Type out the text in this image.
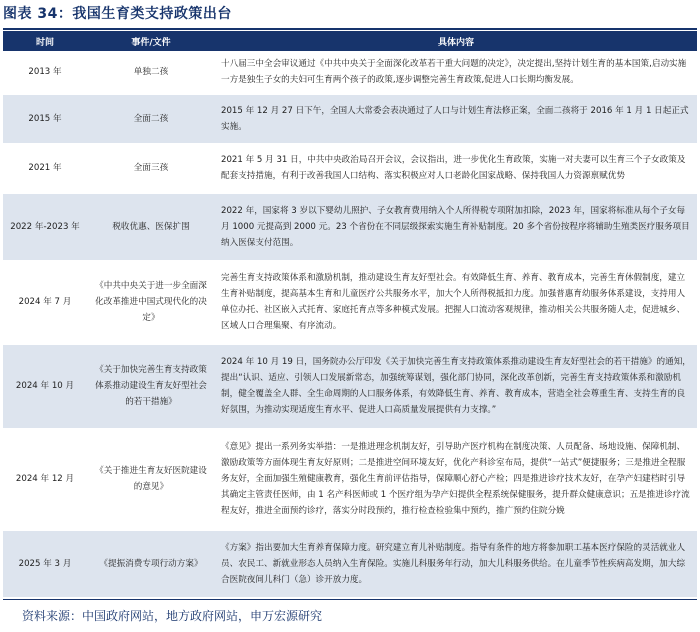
图表 34：我国生育类支持政策出台
时间	事件/文件	具体内容
2013 年	单独二孩	十八届三中全会审议通过《中共中央关于全面深化改革若干重大问题的决定》，决定提出,坚持计划生育的基本国策,启动实施一方是独生子女的夫妇可生育两个孩子的政策,逐步调整完善生育政策,促进人口长期均衡发展。
2015 年	全面二孩	2015 年 12 月 27 日下午，全国人大常委会表决通过了人口与计划生育法修正案，全面二孩将于 2016 年 1 月 1 日起正式实施。
2021 年	全面三孩	2021 年 5 月 31 日，中共中央政治局召开会议，会议指出，进一步优化生育政策，实施一对夫妻可以生育三个子女政策及配套支持措施，有利于改善我国人口结构、落实积极应对人口老龄化国家战略、保持我国人力资源禀赋优势
2022 年-2023 年	税收优惠、医保扩围	2022 年，国家将 3 岁以下婴幼儿照护、子女教育费用纳入个人所得税专项附加扣除，2023 年，国家将标准从每个子女每月 1000 元提高到 2000 元。23 个省份在不同层级探索实施生育补贴制度。20 多个省份按程序将辅助生殖类医疗服务项目纳入医保支付范围。
2024 年 7 月	《中共中央关于进一步全面深化改革推进中国式现代化的决定》	完善生育支持政策体系和激励机制，推动建设生育友好型社会。有效降低生育、养育、教育成本，完善生育休假制度，建立生育补贴制度，提高基本生育和儿童医疗公共服务水平，加大个人所得税抵扣力度。加强普惠育幼服务体系建设，支持用人单位办托、社区嵌入式托育、家庭托育点等多种模式发展。把握人口流动客观规律，推动相关公共服务随人走，促进城乡、区域人口合理集聚、有序流动。
2024 年 10 月	《关于加快完善生育支持政策体系推动建设生育友好型社会的若干措施》	2024 年 10 月 19 日，国务院办公厅印发《关于加快完善生育支持政策体系推动建设生育友好型社会的若干措施》的通知，提出“认识、适应、引领人口发展新常态，加强统筹谋划，强化部门协同，深化改革创新，完善生育支持政策体系和激励机制，健全覆盖全人群、全生命周期的人口服务体系，有效降低生育、养育、教育成本，营造全社会尊重生育、支持生育的良好氛围，为推动实现适度生育水平、促进人口高质量发展提供有力支撑。”
2024 年 12 月	《关于推进生育友好医院建设的意见》	《意见》提出一系列务实举措：一是推进理念机制友好，引导助产医疗机构在制度决策、人员配备、场地设施、保障机制、激励政策等方面体现生育友好原则；二是推进空间环境友好，优化产科诊室布局，提供“一站式”便捷服务；三是推进全程服务友好，全面加强生殖健康教育，强化生育前评估指导，保障顺心舒心产检；四是推进诊疗技术友好，在孕产妇建档时引导其确定主管责任医师，由 1 名产科医师或 1 个医疗组为孕产妇提供全程系统保健服务，提升群众健康意识；五是推进诊疗流程友好，推进全面预约诊疗，落实分时段预约，推行检查检验集中预约，推广预约住院分娩
2025 年 3 月	《提振消费专项行动方案》	《方案》指出要加大生育养育保障力度。研究建立育儿补贴制度。指导有条件的地方将参加职工基本医疗保险的灵活就业人员、农民工、新就业形态人员纳入生育保险。实施儿科服务年行动，加大儿科服务供给。在儿童季节性疾病高发期，加大综合医院夜间儿科门（急）诊开放力度。
资料来源：中国政府网站，地方政府网站，申万宏源研究
